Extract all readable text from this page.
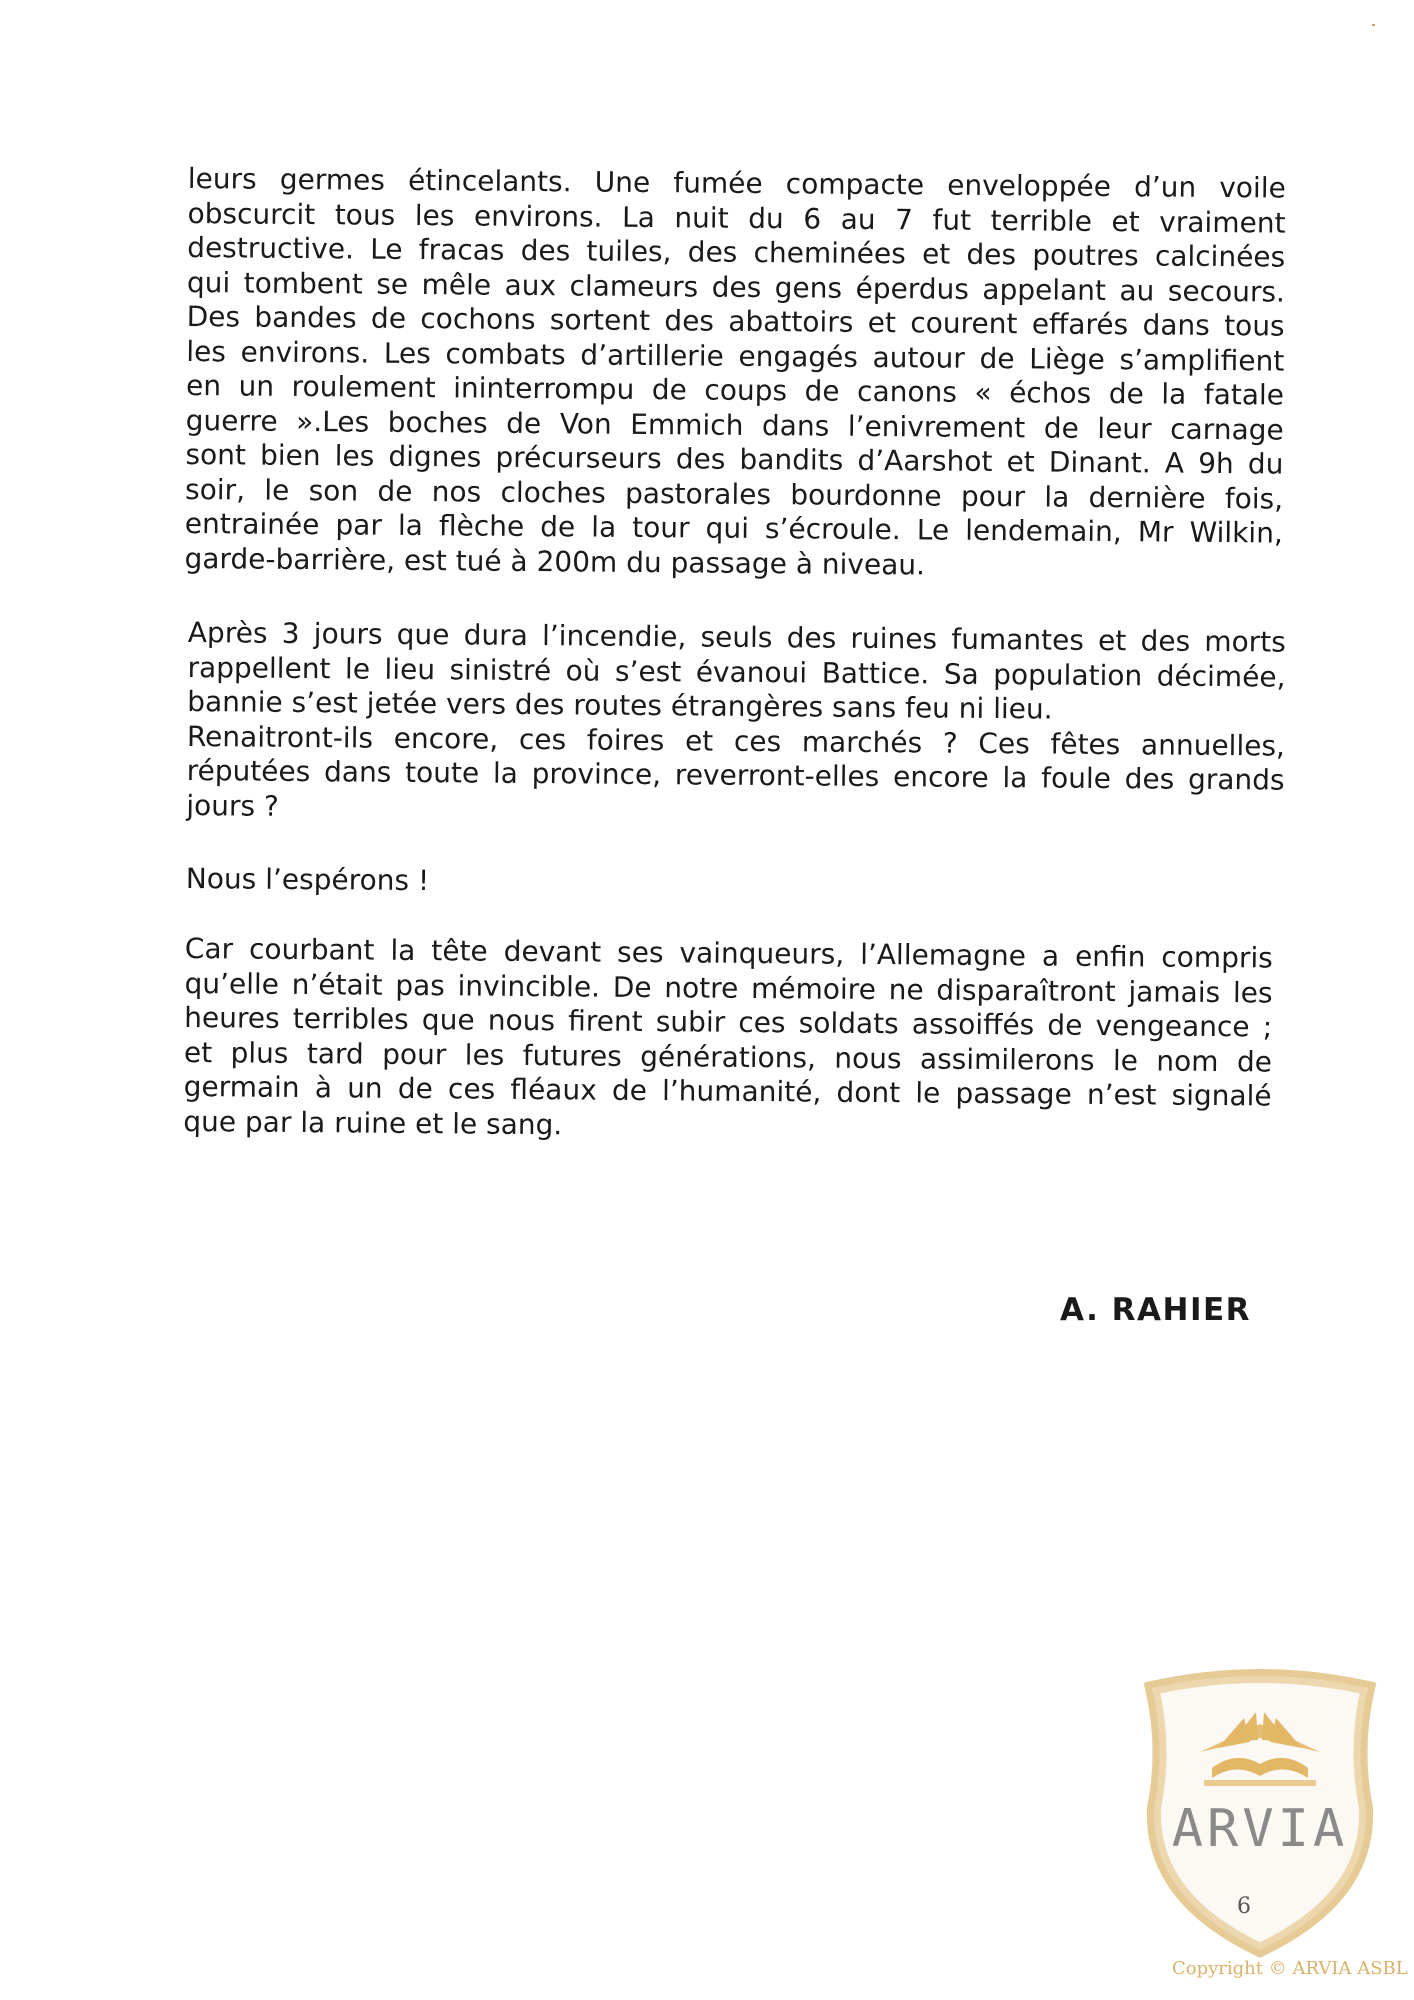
leurs germes étincelants. Une fumée compacte enveloppée d’un voile
obscurcit tous les environs. La nuit du 6 au 7 fut terrible et vraiment
destructive. Le fracas des tuiles, des cheminées et des poutres calcinées
qui tombent se mêle aux clameurs des gens éperdus appelant au secours.
Des bandes de cochons sortent des abattoirs et courent effarés dans tous
les environs. Les combats d’artillerie engagés autour de Liège s’amplifient
en un roulement ininterrompu de coups de canons « échos de la fatale
guerre ».Les boches de Von Emmich dans l’enivrement de leur carnage
sont bien les dignes précurseurs des bandits d’Aarshot et Dinant. A 9h du
soir, le son de nos cloches pastorales bourdonne pour la dernière fois,
entrainée par la flèche de la tour qui s’écroule. Le lendemain, Mr Wilkin,
garde-barrière, est tué à 200m du passage à niveau.

Après 3 jours que dura l’incendie, seuls des ruines fumantes et des morts
rappellent le lieu sinistré où s’est évanoui Battice. Sa population décimée,
bannie s’est jetée vers des routes étrangères sans feu ni lieu.
Renaitront-ils encore, ces foires et ces marchés ? Ces fêtes annuelles,
réputées dans toute la province, reverront-elles encore la foule des grands
jours ?

Nous l’espérons !

Car courbant la tête devant ses vainqueurs, l’Allemagne a enfin compris
qu’elle n’était pas invincible. De notre mémoire ne disparaîtront jamais les
heures terribles que nous firent subir ces soldats assoiffés de vengeance ;
et plus tard pour les futures générations, nous assimilerons le nom de
germain à un de ces fléaux de l’humanité, dont le passage n’est signalé
que par la ruine et le sang.

A. RAHIER
ARVIA
6
Copyright © ARVIA ASBL
